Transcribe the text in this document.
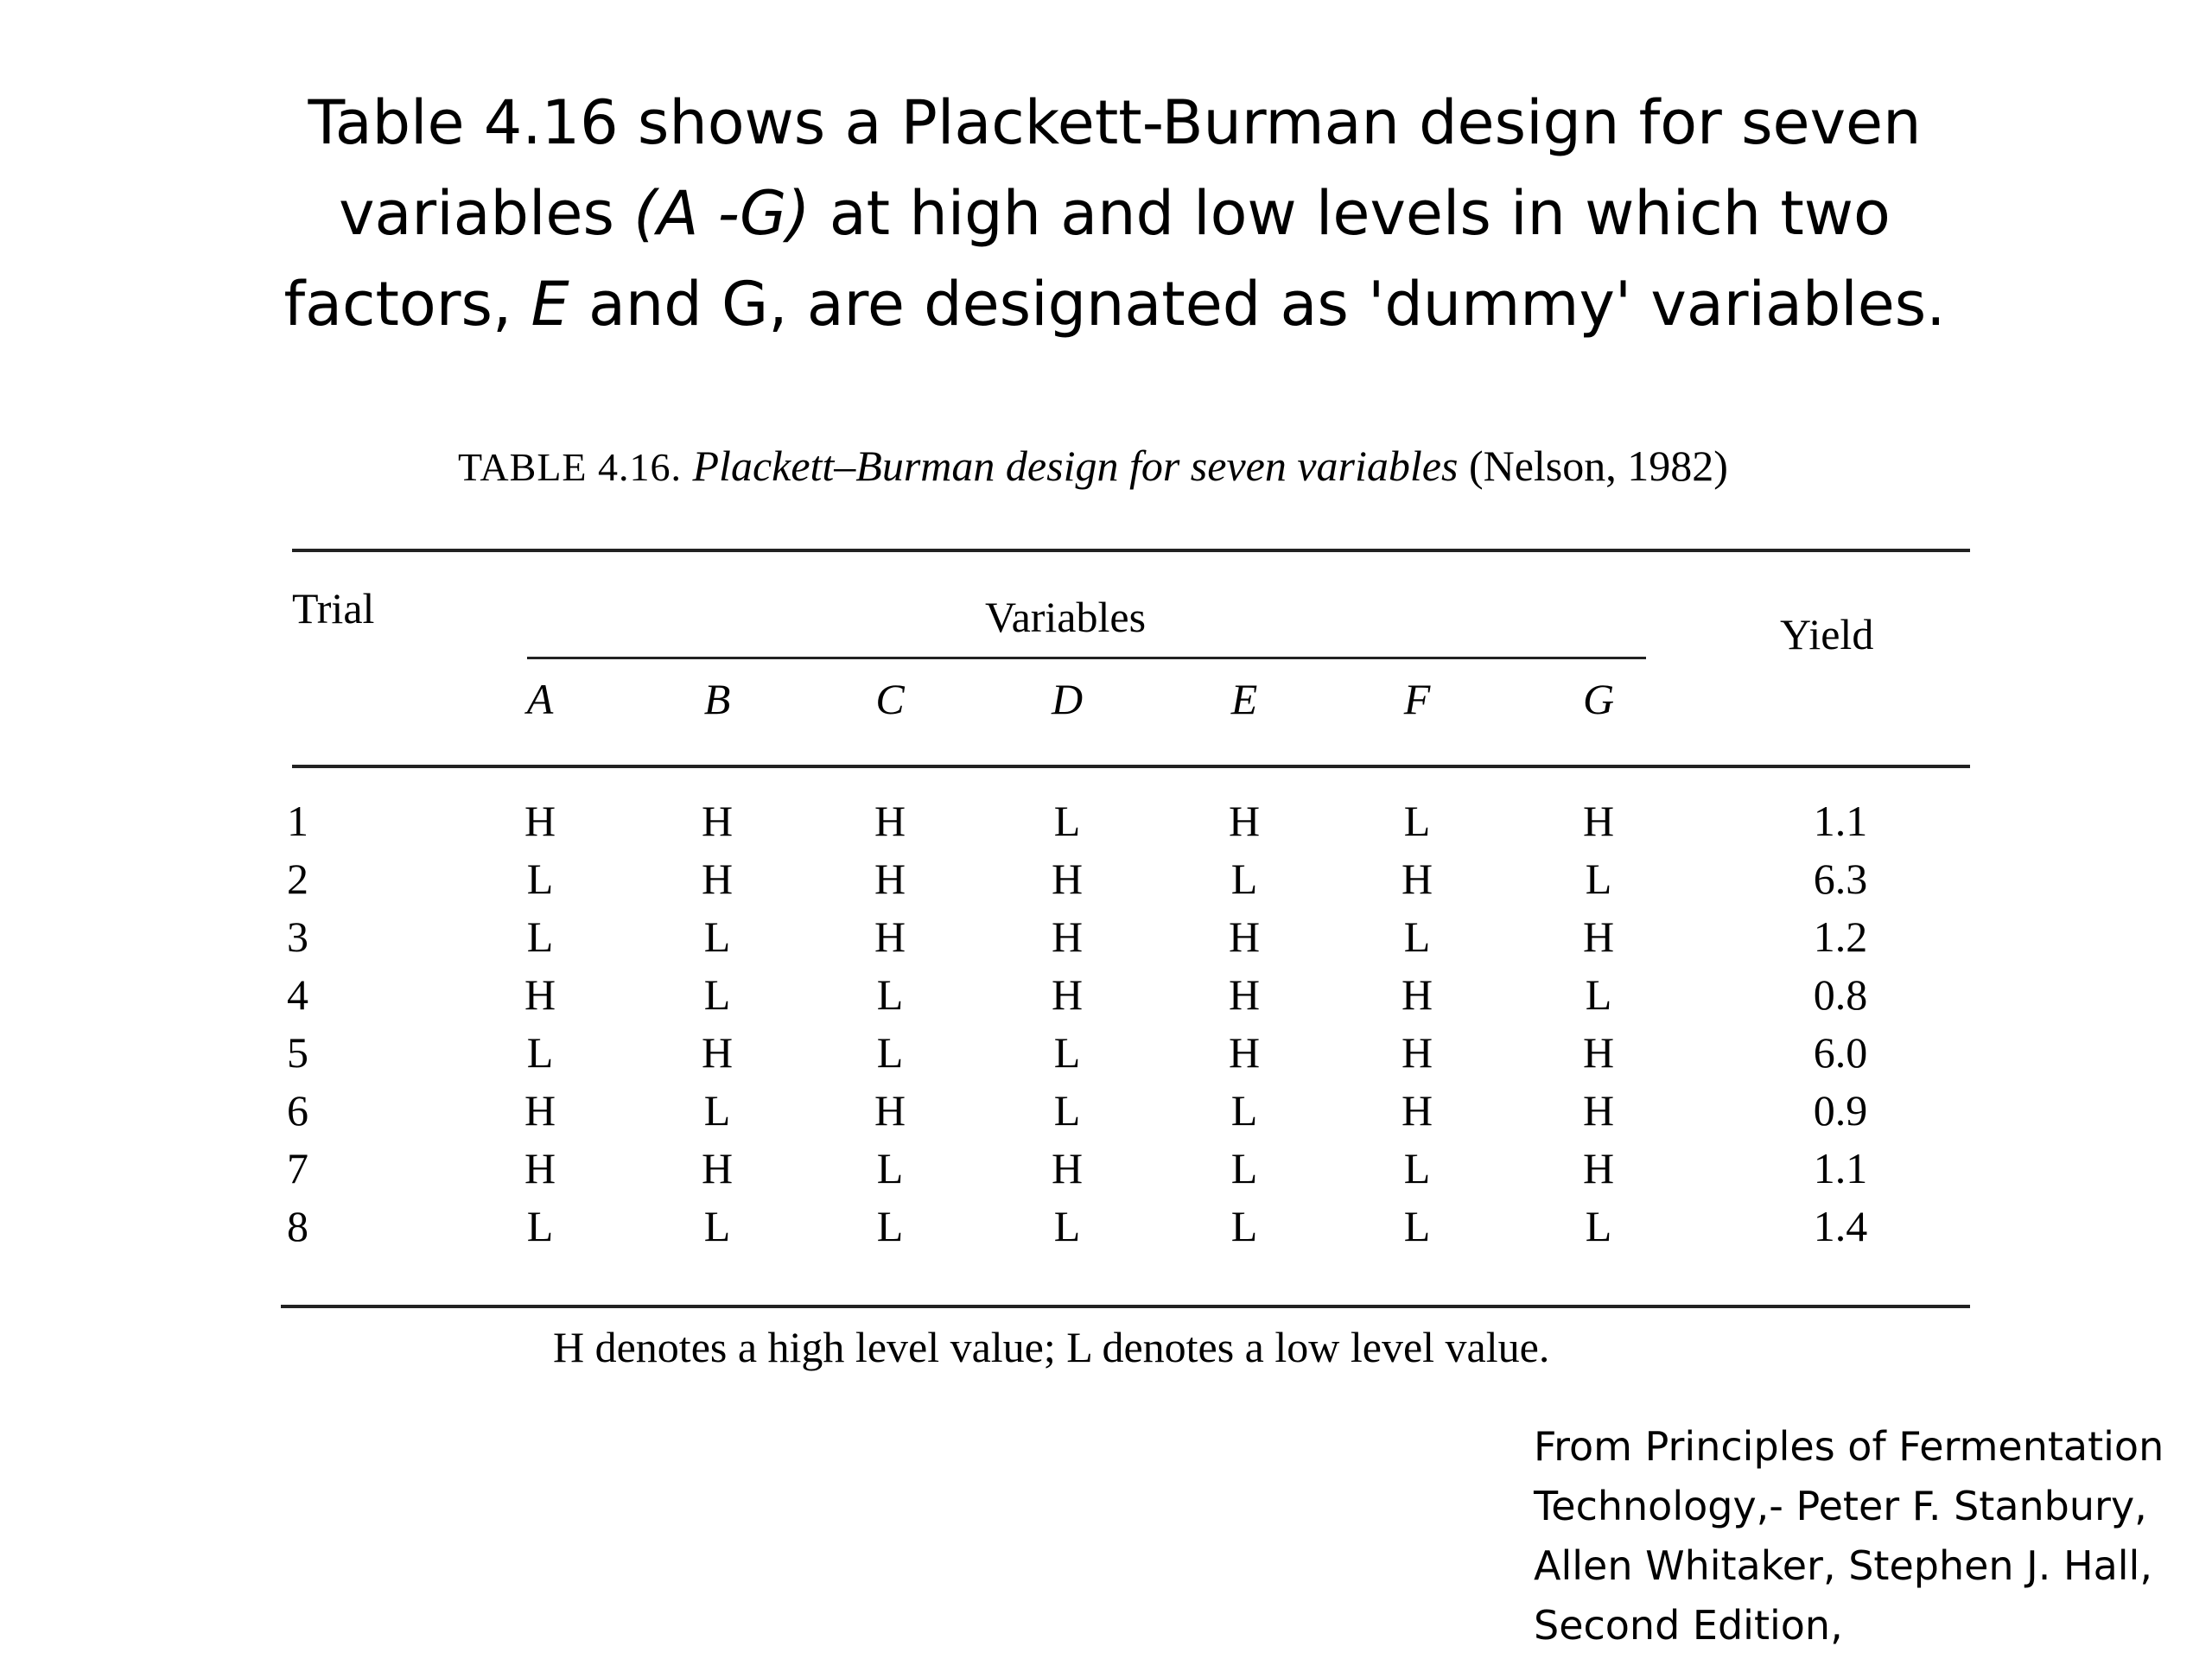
Table 4.16 shows a Plackett-Burman design for seven variables (A -G) at high and low levels in which two factors, E and G, are designated as 'dummy' variables.
TABLE 4.16. Plackett–Burman design for seven variables (Nelson, 1982)
Trial	Variables	Yield
A	B	C	D	E	F	G
1	H	H	H	L	H	L	H	1.1
2	L	H	H	H	L	H	L	6.3
3	L	L	H	H	H	L	H	1.2
4	H	L	L	H	H	H	L	0.8
5	L	H	L	L	H	H	H	6.0
6	H	L	H	L	L	H	H	0.9
7	H	H	L	H	L	L	H	1.1
8	L	L	L	L	L	L	L	1.4
H denotes a high level value; L denotes a low level value.
From Principles of Fermentation
Technology,- Peter F. Stanbury,
Allen Whitaker, Stephen J. Hall,
Second Edition,
